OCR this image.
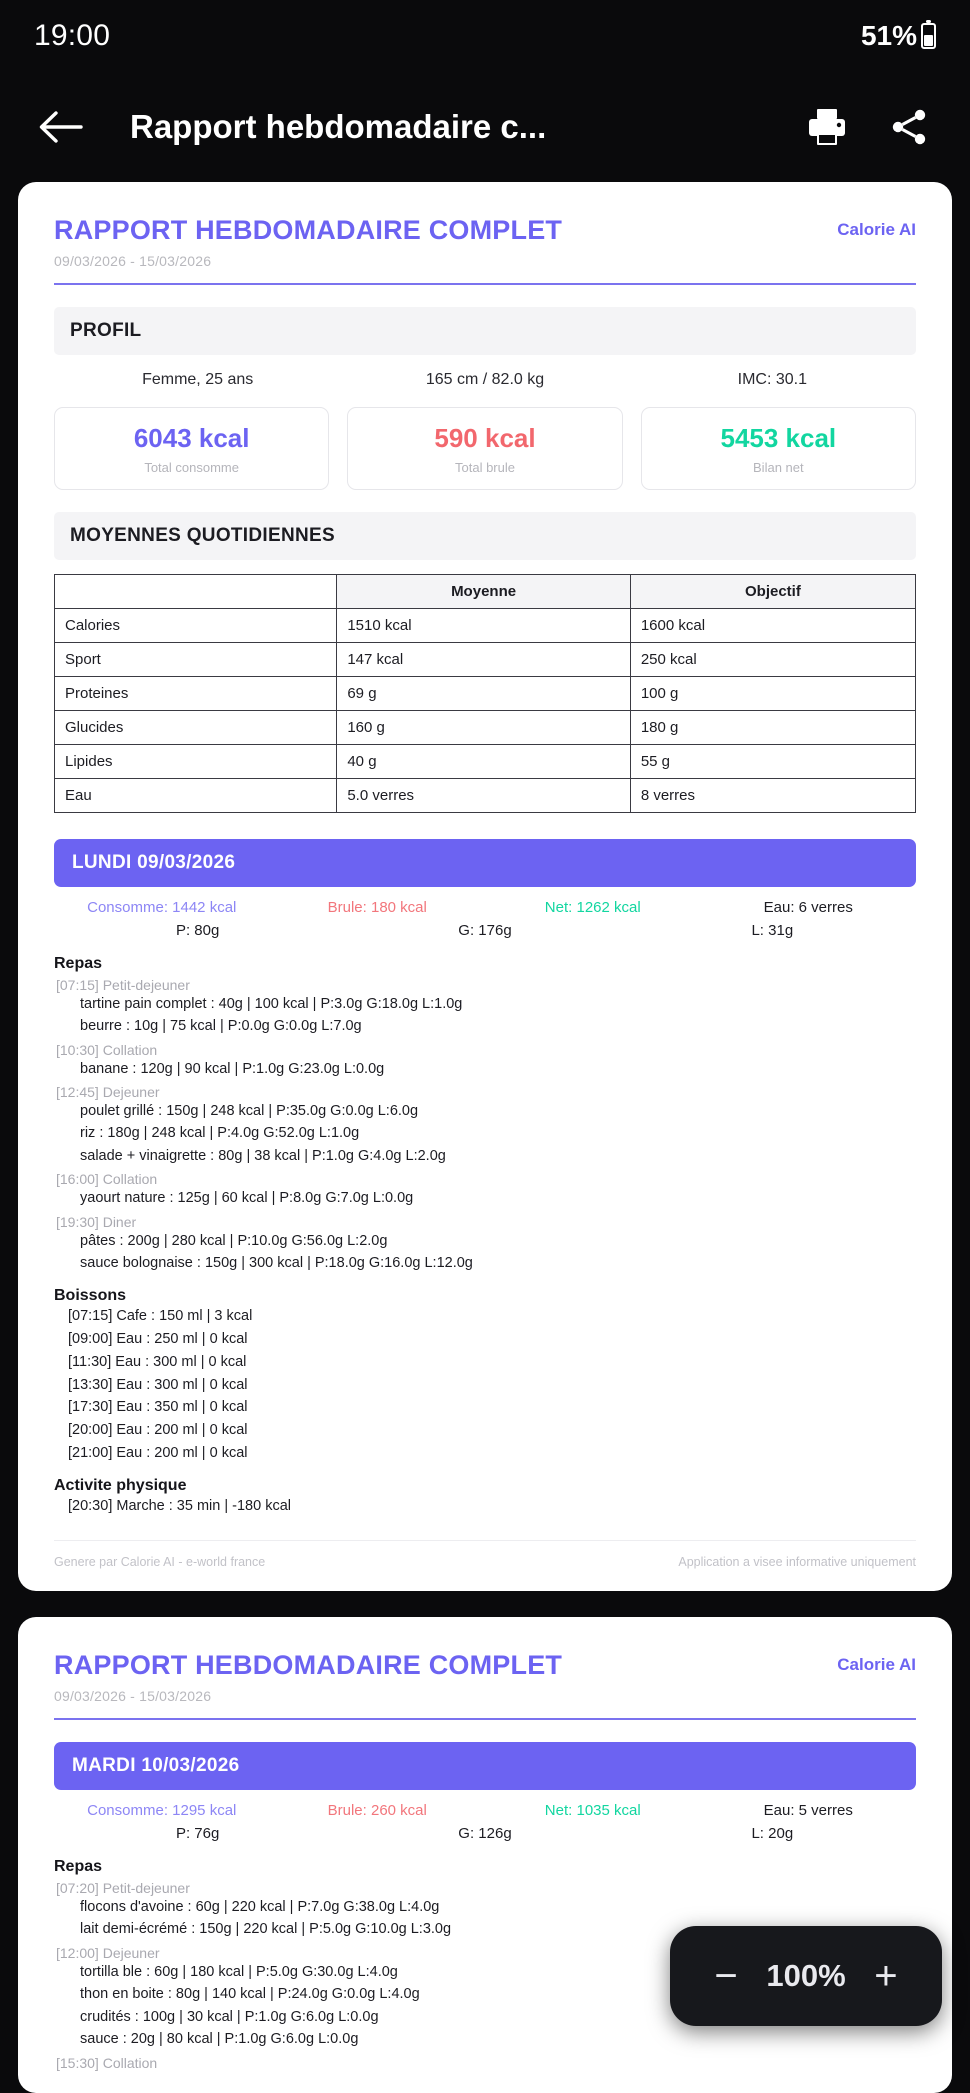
19:00	51%
Rapport hebdomadaire c...
RAPPORT HEBDOMADAIRE COMPLET
09/03/2026 - 15/03/2026
Calorie AI
PROFIL
Femme, 25 ans	165 cm / 82.0 kg	IMC: 30.1
6043 kcal
Total consomme
590 kcal
Total brule
5453 kcal
Bilan net
MOYENNES QUOTIDIENNES
	Moyenne	Objectif
Calories	1510 kcal	1600 kcal
Sport	147 kcal	250 kcal
Proteines	69 g	100 g
Glucides	160 g	180 g
Lipides	40 g	55 g
Eau	5.0 verres	8 verres
LUNDI 09/03/2026
Consomme: 1442 kcal	Brule: 180 kcal	Net: 1262 kcal	Eau: 6 verres
P: 80g	G: 176g	L: 31g
Repas
[07:15] Petit-dejeuner
tartine pain complet : 40g | 100 kcal | P:3.0g G:18.0g L:1.0g
beurre : 10g | 75 kcal | P:0.0g G:0.0g L:7.0g
[10:30] Collation
banane : 120g | 90 kcal | P:1.0g G:23.0g L:0.0g
[12:45] Dejeuner
poulet grillé : 150g | 248 kcal | P:35.0g G:0.0g L:6.0g
riz : 180g | 248 kcal | P:4.0g G:52.0g L:1.0g
salade + vinaigrette : 80g | 38 kcal | P:1.0g G:4.0g L:2.0g
[16:00] Collation
yaourt nature : 125g | 60 kcal | P:8.0g G:7.0g L:0.0g
[19:30] Diner
pâtes : 200g | 280 kcal | P:10.0g G:56.0g L:2.0g
sauce bolognaise : 150g | 300 kcal | P:18.0g G:16.0g L:12.0g
Boissons
[07:15] Cafe : 150 ml | 3 kcal
[09:00] Eau : 250 ml | 0 kcal
[11:30] Eau : 300 ml | 0 kcal
[13:30] Eau : 300 ml | 0 kcal
[17:30] Eau : 350 ml | 0 kcal
[20:00] Eau : 200 ml | 0 kcal
[21:00] Eau : 200 ml | 0 kcal
Activite physique
[20:30] Marche : 35 min | -180 kcal
Genere par Calorie AI - e-world france	Application a visee informative uniquement
RAPPORT HEBDOMADAIRE COMPLET
09/03/2026 - 15/03/2026
Calorie AI
MARDI 10/03/2026
Consomme: 1295 kcal	Brule: 260 kcal	Net: 1035 kcal	Eau: 5 verres
P: 76g	G: 126g	L: 20g
Repas
[07:20] Petit-dejeuner
flocons d'avoine : 60g | 220 kcal | P:7.0g G:38.0g L:4.0g
lait demi-écrémé : 150g | 220 kcal | P:5.0g G:10.0g L:3.0g
[12:00] Dejeuner
tortilla ble : 60g | 180 kcal | P:5.0g G:30.0g L:4.0g
thon en boite : 80g | 140 kcal | P:24.0g G:0.0g L:4.0g
crudités : 100g | 30 kcal | P:1.0g G:6.0g L:0.0g
sauce : 20g | 80 kcal | P:1.0g G:6.0g L:0.0g
[15:30] Collation
− 100% +
